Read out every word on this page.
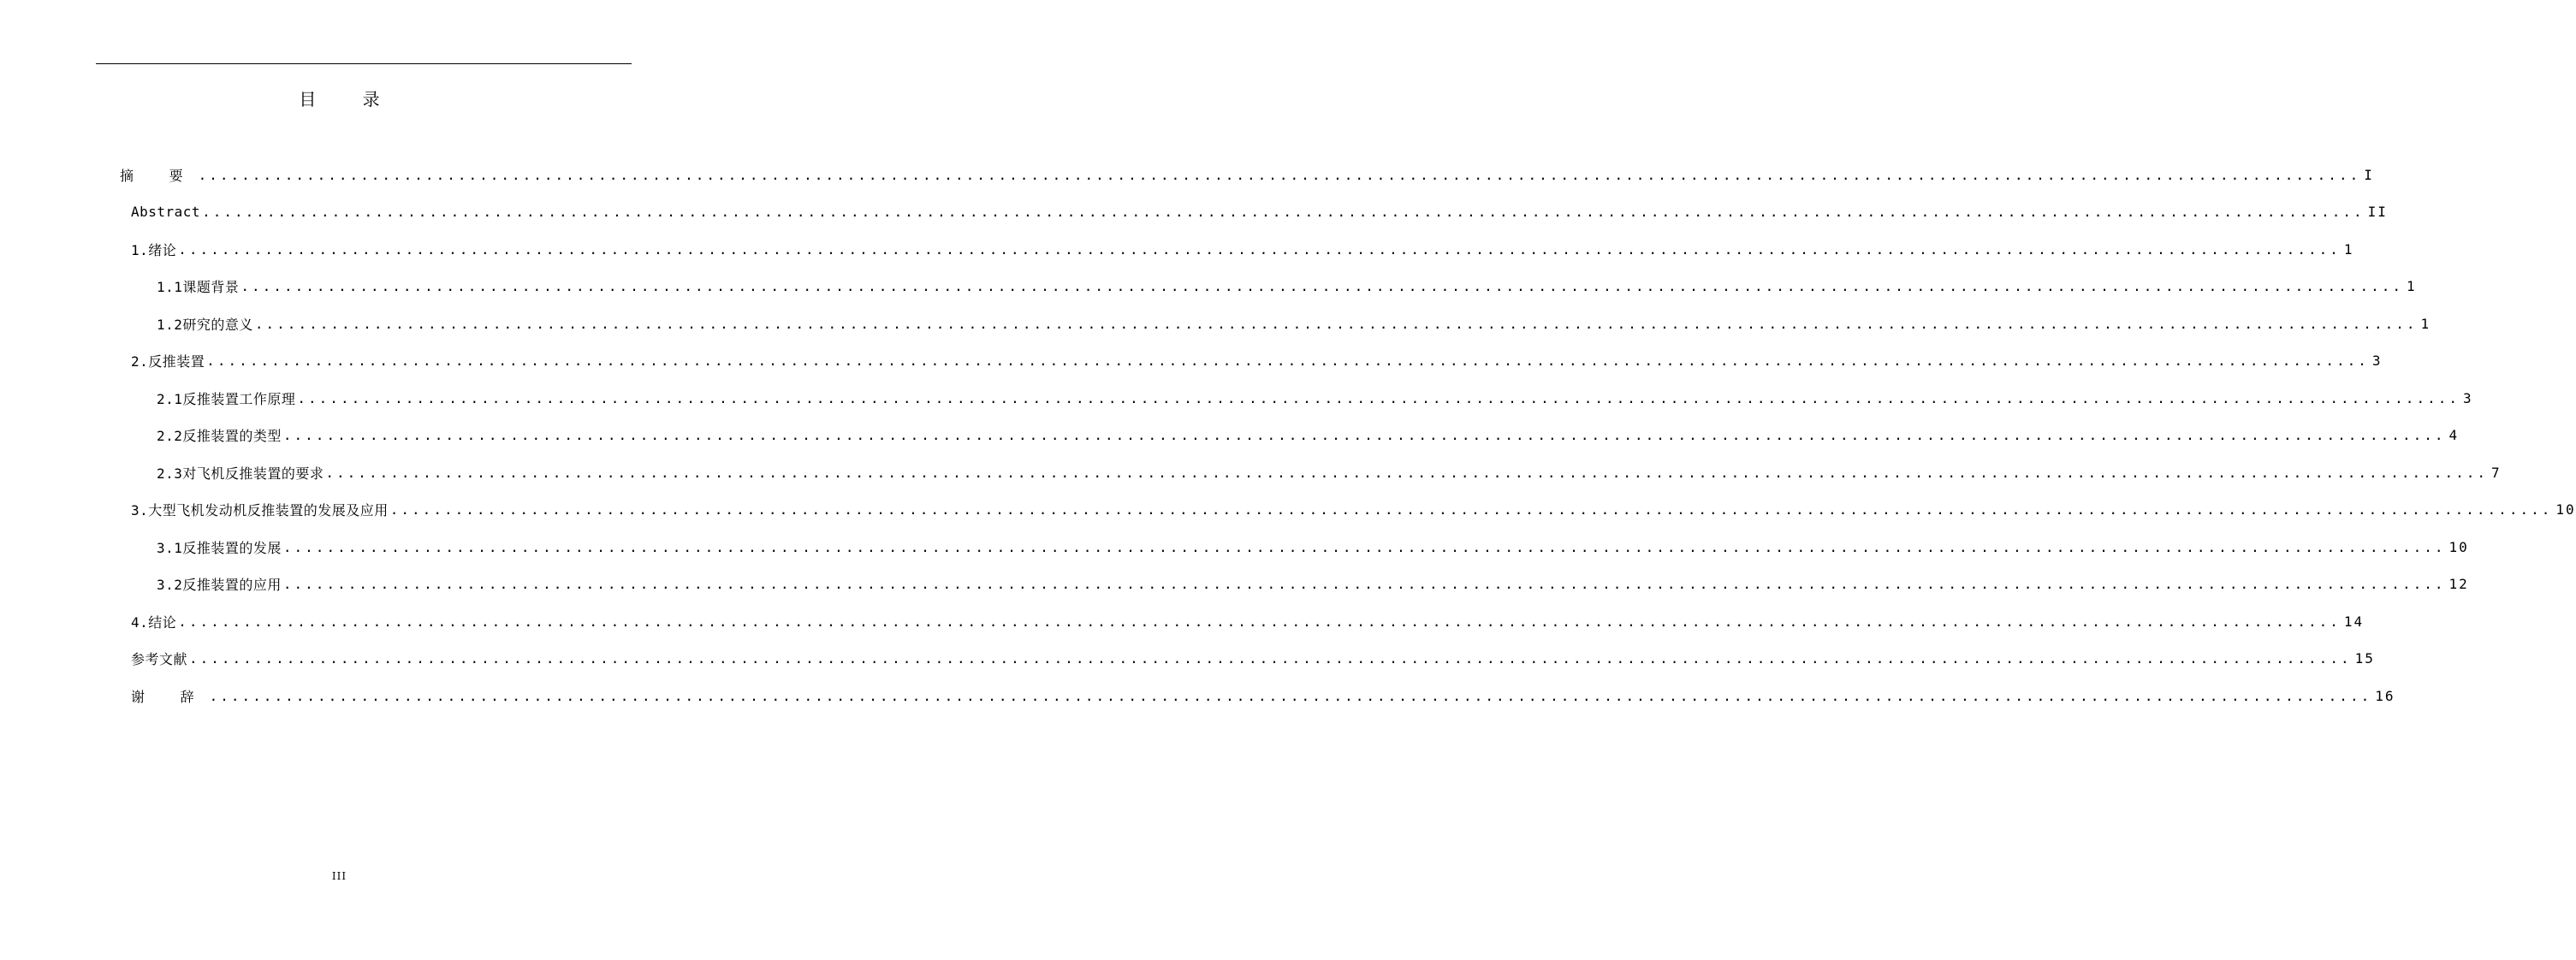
目 录
摘 要 ........................................................................................................................................................................................................ I
Abstract ........................................................................................................................................................................................................ II
1.绪论 ........................................................................................................................................................................................................ 1
1.1课题背景 ........................................................................................................................................................................................................ 1
1.2研究的意义 ........................................................................................................................................................................................................ 1
2.反推装置 ........................................................................................................................................................................................................ 3
2.1反推装置工作原理 ........................................................................................................................................................................................................ 3
2.2反推装置的类型 ........................................................................................................................................................................................................ 4
2.3对飞机反推装置的要求 ........................................................................................................................................................................................................ 7
3.大型飞机发动机反推装置的发展及应用 ........................................................................................................................................................................................................ 10
3.1反推装置的发展 ........................................................................................................................................................................................................ 10
3.2反推装置的应用 ........................................................................................................................................................................................................ 12
4.结论 ........................................................................................................................................................................................................ 14
参考文献 ........................................................................................................................................................................................................ 15
谢 辞 ........................................................................................................................................................................................................ 16
III
